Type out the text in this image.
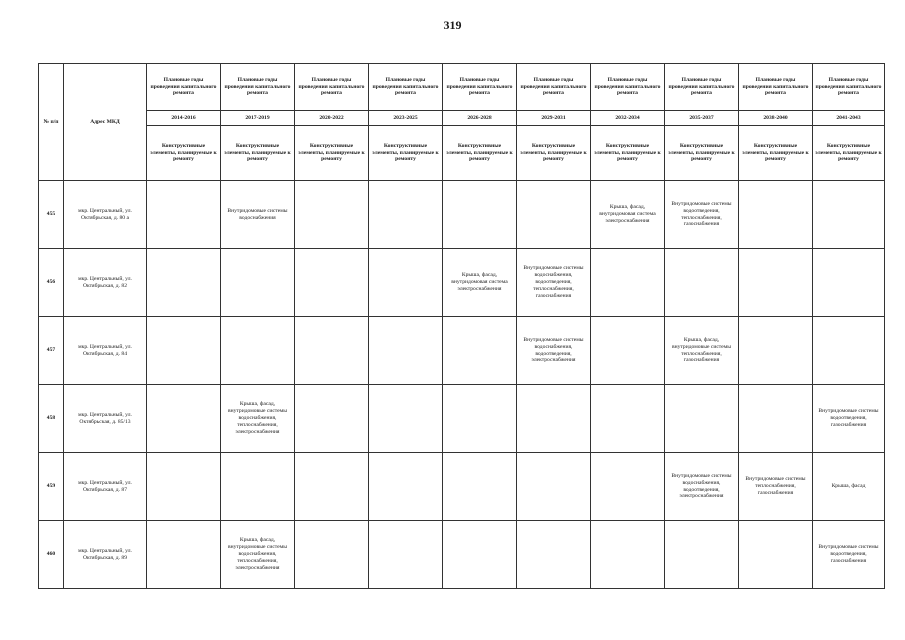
319
№ п/п	Адрес МКД	Плановые годы проведения капитального ремонта	Плановые годы проведения капитального ремонта	Плановые годы проведения капитального ремонта	Плановые годы проведения капитального ремонта	Плановые годы проведения капитального ремонта	Плановые годы проведения капитального ремонта	Плановые годы проведения капитального ремонта	Плановые годы проведения капитального ремонта	Плановые годы проведения капитального ремонта	Плановые годы проведения капитального ремонта
		2014-2016	2017-2019	2020-2022	2023-2025	2026-2028	2029-2031	2032-2034	2035-2037	2038-2040	2041-2043
		Конструктивные элементы, планируемые к ремонту	Конструктивные элементы, планируемые к ремонту	Конструктивные элементы, планируемые к ремонту	Конструктивные элементы, планируемые к ремонту	Конструктивные элементы, планируемые к ремонту	Конструктивные элементы, планируемые к ремонту	Конструктивные элементы, планируемые к ремонту	Конструктивные элементы, планируемые к ремонту	Конструктивные элементы, планируемые к ремонту	Конструктивные элементы, планируемые к ремонту
455	мкр. Центральный, ул. Октябрьская, д. 80 а		Внутридомовые системы водоснабжения					Крыша, фасад, внутридомовая система электроснабжения	Внутридомовые системы водоотведения, теплоснабжения, газоснабжения		
456	мкр. Центральный, ул. Октябрьская, д. 82					Крыша, фасад, внутридомовая система электроснабжения	Внутридомовые системы водоснабжения, водоотведения, теплоснабжения, газоснабжения				
457	мкр. Центральный, ул. Октябрьская, д. 84						Внутридомовые системы водоснабжения, водоотведения, электроснабжения		Крыша, фасад, внутридомовые системы теплоснабжения, газоснабжения		
458	мкр. Центральный, ул. Октябрьская, д. 85/13		Крыша, фасад, внутридомовые системы водоснабжения, теплоснабжения, электроснабжения								Внутридомовые системы водоотведения, газоснабжения
459	мкр. Центральный, ул. Октябрьская, д. 87								Внутридомовые системы водоснабжения, водоотведения, электроснабжения	Внутридомовые системы теплоснабжения, газоснабжения	Крыша, фасад
460	мкр. Центральный, ул. Октябрьская, д. 89		Крыша, фасад, внутридомовые системы водоснабжения, теплоснабжения, электроснабжения								Внутридомовые системы водоотведения, газоснабжения
